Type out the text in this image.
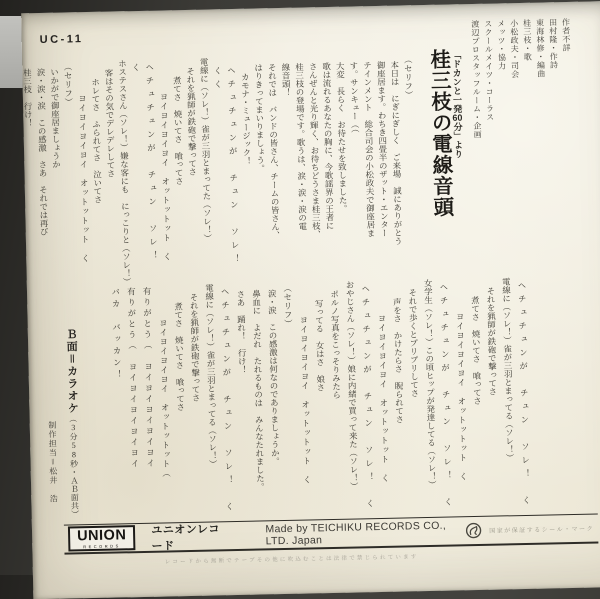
UC-11	作者不詳
田村隆・作詩
東海林修・編曲
桂三枝・歌
小松政夫・司会
メッツ・協力
スクールメイツ・コーラス
渡辺プロスタッフルーム・企画
「ドカンと一発60分」より
桂三枝の電線音頭
（セリフ）
本日は　にぎにぎしく　ご来場　誠にありがとう
御座居ます。わちき四畳半のザット・エンター
テインメント　総合司会の小松政夫で御座居ま
す。サンキュー（（
大変　長らく　お待たせを致しました。
歌は流れるあなたの胸に、今歌謡界の王者に
さんぜんと光り輝く、お待ちどうさま桂三枝、
桂三枝の登場です。歌うは、涙・涙・涙の電
線音頭！
それでは　バンドの皆さん、チームの皆さん、
はりきってまいりましょう。
カモナ・ミュージック！
ヘチュチュンが　チュン　ソレ！　くく
電線に（ソレ！）雀が三羽とまってた（ソレ！）
それを猟師が鉄砲で撃ってさ
煮てさ　焼いてさ　喰ってさ
ヨイヨイヨイヨイ　オットットット　く
ヘチュチュンが　チュン　ソレ！　く
ホステスさん（ソレ！）嫌な客にも　にっこりと（ソレ！）
客はその気でデレデレしてさ
ホレてさ　ふられてさ　泣いてさ
ヨイヨイヨイヨイ　オットットット　く
（セリフ）
いかがで御座居ましょうか
涙・涙・涙　この感激　さあ　それでは再び
桂三枝　行け！
ヘチュチュンが　チュン　ソレ！　く
電線に（ソレ！）雀が三羽とまってる（ソレ！）
それを猟師が鉄砲で撃ってさ
煮てさ　焼いてさ　喰ってさ
ヨイヨイヨイヨイ　オットットット　く
ヘチュチュンが　チュン　ソレ！　く
女学生（ソレ！）この頃ヒップが発達してる（ソレ！）
それで歩くとプリプリしてさ
声をさ　かけたらさ　睨られてさ
ヨイヨイヨイヨイ　オットットット　く
ヘチュチュンが　チュン　ソレ！　く
おやじさん（ソレ！）娘に内緒で買って来た（ソレ！）
ポルノ写真をこっそりみたら
写ってる　女はさ　娘さ
ヨイヨイヨイヨイ　オットットット　く
（セリフ）
涙・涙　この感激は何なのでありましょうか。
鼻血に　よだれ　たれるものは　みんなたれました。
さあ　踊れ！　行け！
ヘチュチュンが　チュン　ソレ！　く
電線に（ソレ！）雀が三羽とまってる（ソレ！）
それを猟師が鉄砲で撃ってさ
煮てさ　焼いてさ　喰ってさ
ヨイヨイヨイヨイ　オットットット（
有りがとう（　ヨイヨイヨイヨイヨイ
有りがとう（　ヨイヨイヨイヨイヨイ
バカ　バッカン！
Ｂ面＝カラオケ（3分58秒・ＡＢ面共）
制作担当＝松井　浩
UNION
RECORDS
ユニオンレコード
Made by TEICHIKU RECORDS CO., LTD. Japan
国家が保証するシール・マーク
レコードから無断でテープその他に吹込むことは法律で禁じられています
